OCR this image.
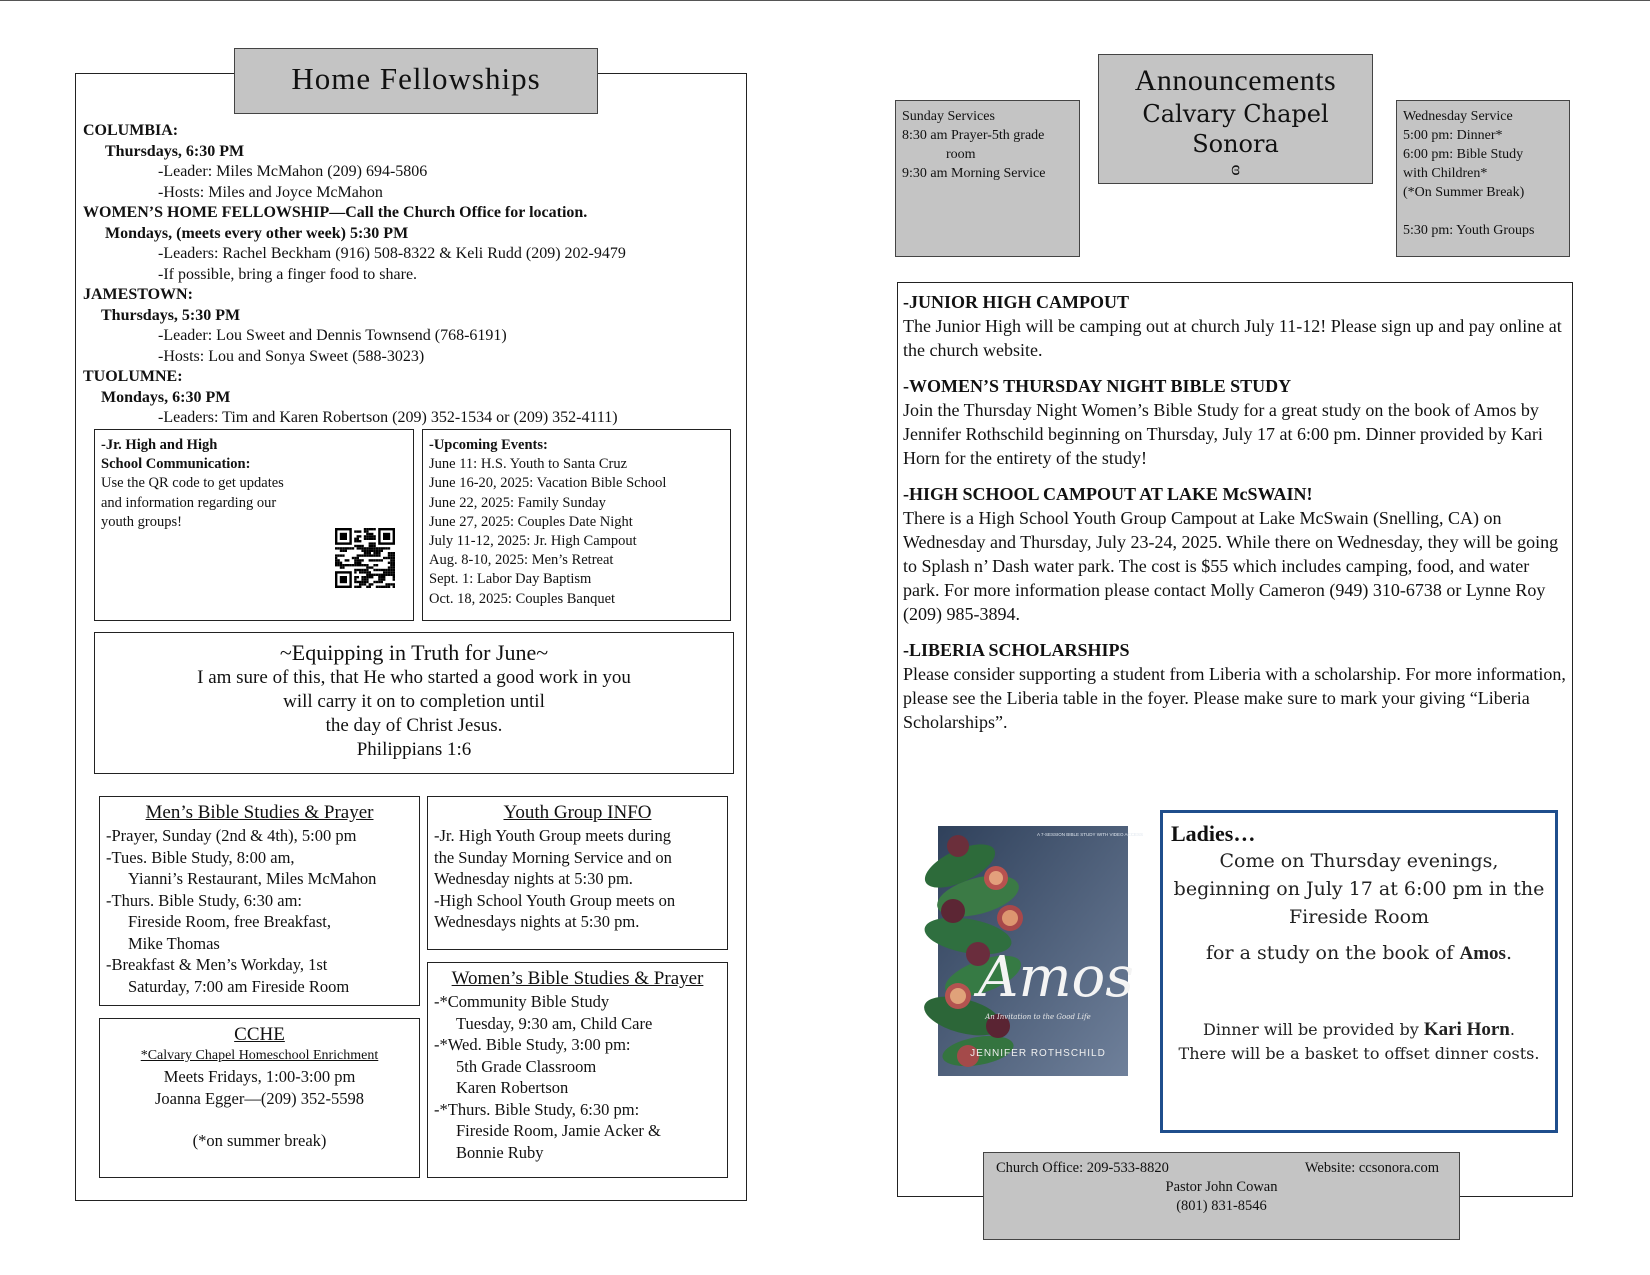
Home Fellowships
COLUMBIA:
Thursdays, 6:30 PM
-Leader: Miles McMahon (209) 694-5806
-Hosts: Miles and Joyce McMahon
WOMEN’S HOME FELLOWSHIP—Call the Church Office for location.
Mondays, (meets every other week) 5:30 PM
-Leaders: Rachel Beckham (916) 508-8322 & Keli Rudd (209) 202-9479
-If possible, bring a finger food to share.
JAMESTOWN:
Thursdays, 5:30 PM
-Leader: Lou Sweet and Dennis Townsend (768-6191)
-Hosts: Lou and Sonya Sweet (588-3023)
TUOLUMNE:
Mondays, 6:30 PM
-Leaders: Tim and Karen Robertson (209) 352-1534 or (209) 352-4111)
-Jr. High and High
School Communication:
Use the QR code to get updates
and information regarding our
youth groups!
-Upcoming Events:
June 11: H.S. Youth to Santa Cruz
June 16-20, 2025: Vacation Bible School
June 22, 2025: Family Sunday
June 27, 2025: Couples Date Night
July 11-12, 2025: Jr. High Campout
Aug. 8-10, 2025: Men’s Retreat
Sept. 1: Labor Day Baptism
Oct. 18, 2025: Couples Banquet
~Equipping in Truth for June~
I am sure of this, that He who started a good work in you
will carry it on to completion until
the day of Christ Jesus.
Philippians 1:6
Men’s Bible Studies & Prayer
-Prayer, Sunday (2nd & 4th), 5:00 pm
-Tues. Bible Study, 8:00 am,
Yianni’s Restaurant, Miles McMahon
-Thurs. Bible Study, 6:30 am:
Fireside Room, free Breakfast,
Mike Thomas
-Breakfast & Men’s Workday, 1st
Saturday, 7:00 am Fireside Room
Youth Group INFO
-Jr. High Youth Group meets during
the Sunday Morning Service and on
Wednesday nights at 5:30 pm.
-High School Youth Group meets on
Wednesdays nights at 5:30 pm.
CCHE
*Calvary Chapel Homeschool Enrichment
Meets Fridays, 1:00-3:00 pm
Joanna Egger—(209) 352-5598
(*on summer break)
Women’s Bible Studies & Prayer
-*Community Bible Study
Tuesday, 9:30 am, Child Care
-*Wed. Bible Study, 3:00 pm:
5th Grade Classroom
Karen Robertson
-*Thurs. Bible Study, 6:30 pm:
Fireside Room, Jamie Acker &
Bonnie Ruby
Sunday Services
8:30 am Prayer-5th grade
room
9:30 am Morning Service
Announcements
Calvary Chapel Sonora
ɞ
Wednesday Service
5:00 pm: Dinner*
6:00 pm: Bible Study
with Children*
(*On Summer Break)
5:30 pm: Youth Groups
-JUNIOR HIGH CAMPOUT
The Junior High will be camping out at church July 11-12! Please sign up and pay online at the church website.
-WOMEN’S THURSDAY NIGHT BIBLE STUDY
Join the Thursday Night Women’s Bible Study for a great study on the book of Amos by Jennifer Rothschild beginning on Thursday, July 17 at 6:00 pm. Dinner provided by Kari Horn for the entirety of the study!
-HIGH SCHOOL CAMPOUT AT LAKE McSWAIN!
There is a High School Youth Group Campout at Lake McSwain (Snelling, CA) on Wednesday and Thursday, July 23-24, 2025. While there on Wednesday, they will be going to Splash n’ Dash water park. The cost is $55 which includes camping, food, and water park. For more information please contact Molly Cameron (949) 310-6738 or Lynne Roy (209) 985-3894.
-LIBERIA SCHOLARSHIPS
Please consider supporting a student from Liberia with a scholarship. For more information, please see the Liberia table in the foyer. Please make sure to mark your giving “Liberia Scholarships”.
A 7-SESSION BIBLE STUDY WITH VIDEO ACCESS
Amos
An Invitation to the Good Life
JENNIFER ROTHSCHILD
Ladies…
Come on Thursday evenings,
beginning on July 17 at 6:00 pm in the
Fireside Room
for a study on the book of Amos.
Dinner will be provided by Kari Horn.
There will be a basket to offset dinner costs.
Church Office: 209-533-8820	Website: ccsonora.com
Pastor John Cowan
(801) 831-8546
